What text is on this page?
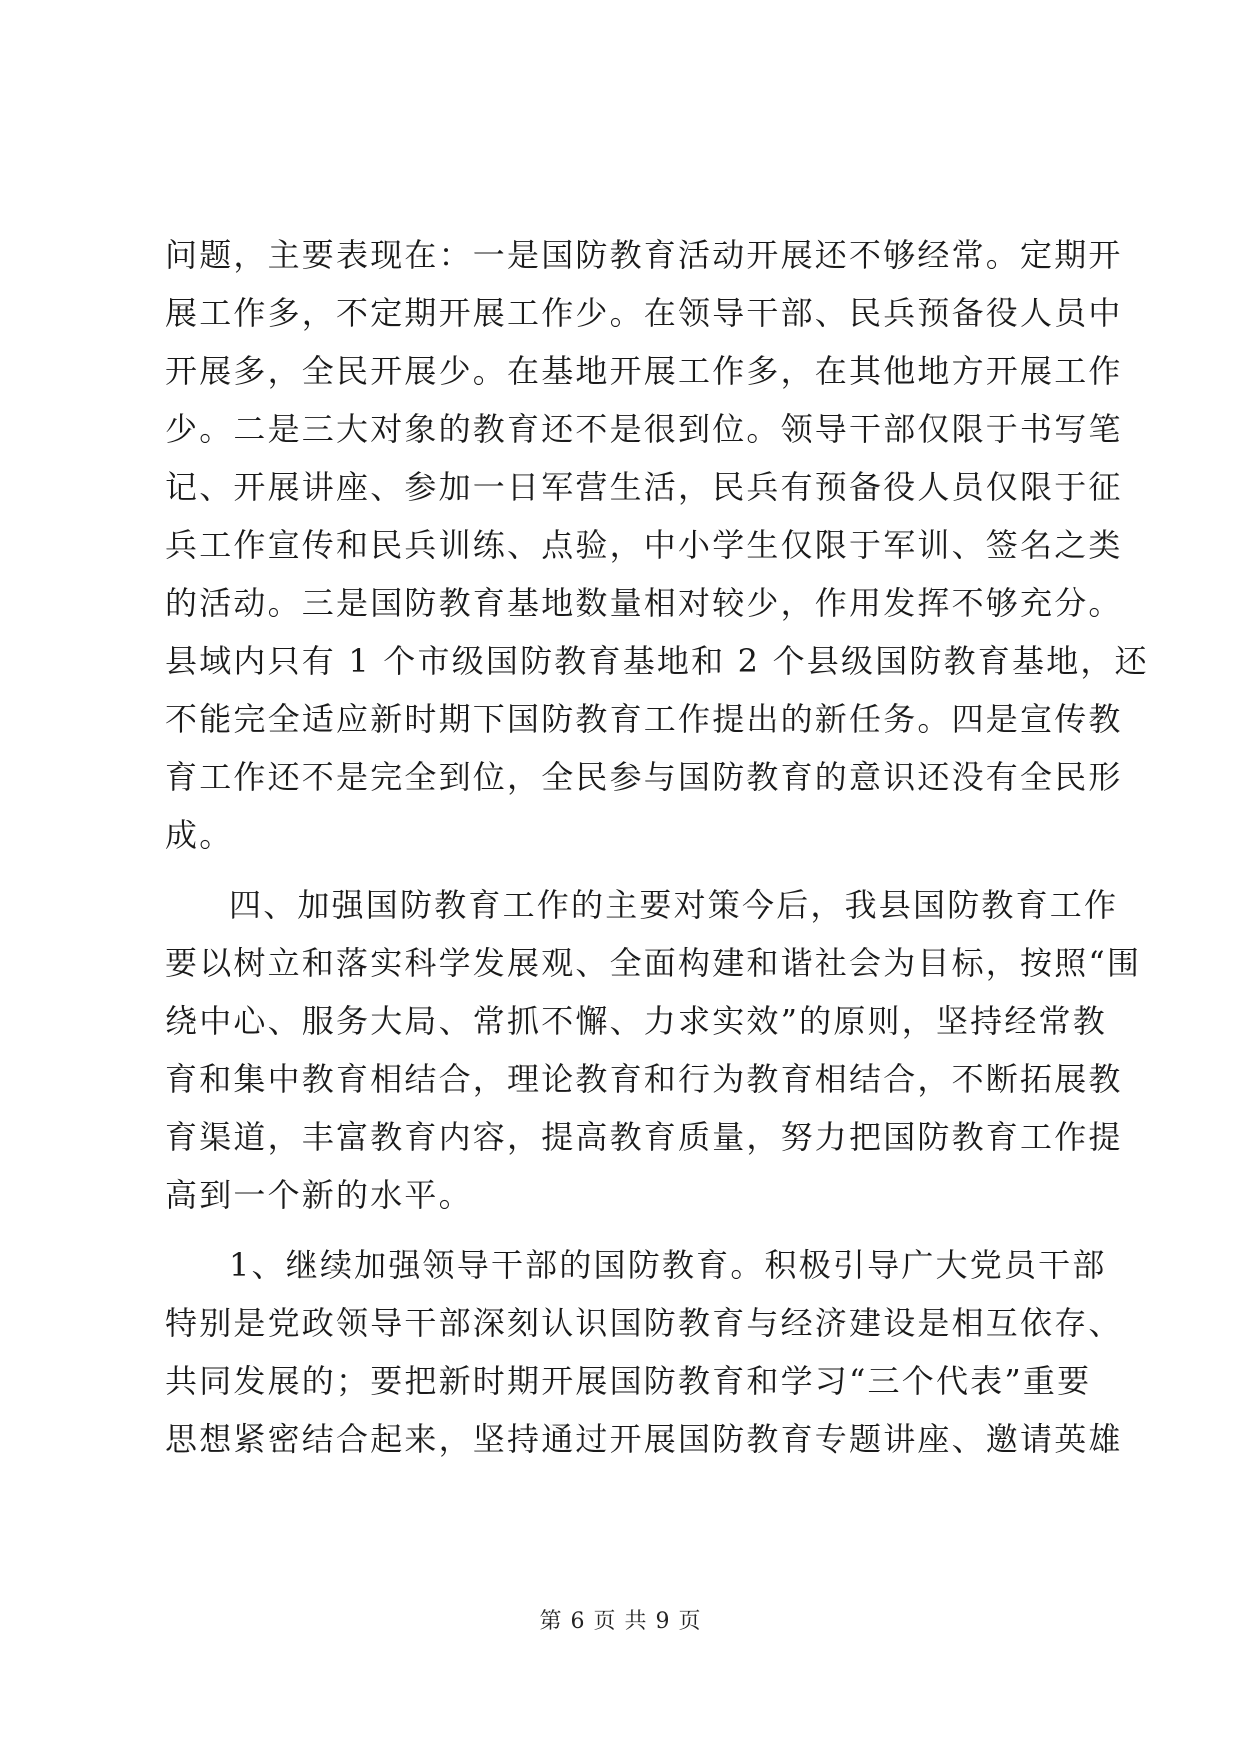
问题，主要表现在：一是国防教育活动开展还不够经常。定期开
展工作多，不定期开展工作少。在领导干部、民兵预备役人员中
开展多，全民开展少。在基地开展工作多，在其他地方开展工作
少。二是三大对象的教育还不是很到位。领导干部仅限于书写笔
记、开展讲座、参加一日军营生活，民兵有预备役人员仅限于征
兵工作宣传和民兵训练、点验，中小学生仅限于军训、签名之类
的活动。三是国防教育基地数量相对较少，作用发挥不够充分。
县域内只有 1 个市级国防教育基地和 2 个县级国防教育基地，还
不能完全适应新时期下国防教育工作提出的新任务。四是宣传教
育工作还不是完全到位，全民参与国防教育的意识还没有全民形
成。
四、加强国防教育工作的主要对策今后，我县国防教育工作
要以树立和落实科学发展观、全面构建和谐社会为目标，按照“围
绕中心、服务大局、常抓不懈、力求实效”的原则，坚持经常教
育和集中教育相结合，理论教育和行为教育相结合，不断拓展教
育渠道，丰富教育内容，提高教育质量，努力把国防教育工作提
高到一个新的水平。
1、继续加强领导干部的国防教育。积极引导广大党员干部
特别是党政领导干部深刻认识国防教育与经济建设是相互依存、
共同发展的；要把新时期开展国防教育和学习“三个代表”重要
思想紧密结合起来，坚持通过开展国防教育专题讲座、邀请英雄
第 6 页 共 9 页
